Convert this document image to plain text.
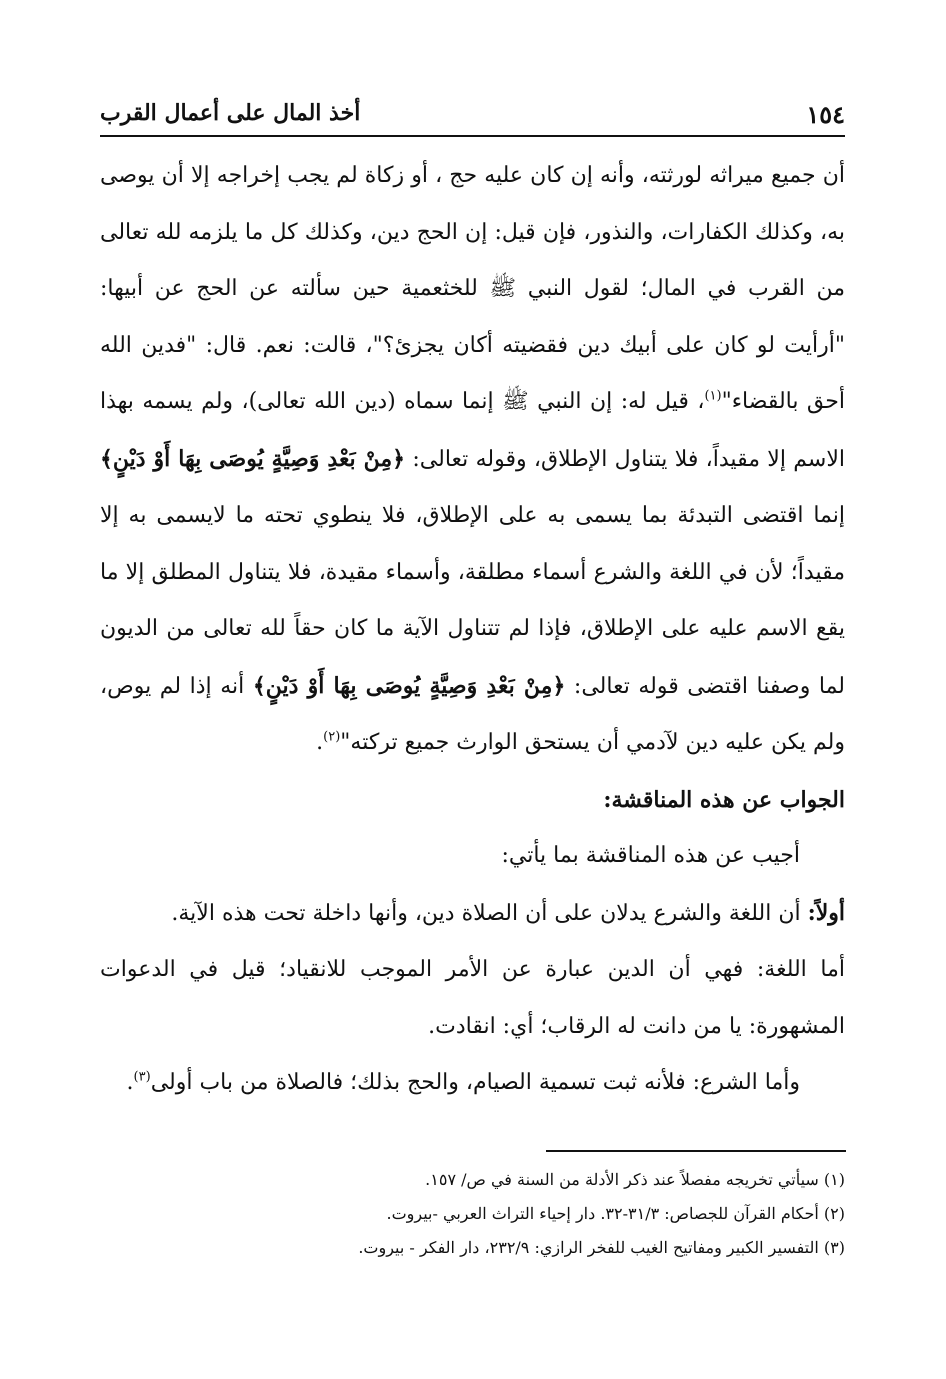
١٥٤
أخذ المال على أعمال القرب

أن جميع ميراثه لورثته، وأنه إن كان عليه حج ، أو زكاة لم يجب إخراجه إلا أن يوصى به، وكذلك الكفارات، والنذور، فإن قيل: إن الحج دين، وكذلك كل ما يلزمه لله تعالى من القرب في المال؛ لقول النبي ﷺ للخثعمية حين سألته عن الحج عن أبيها: "أرأيت لو كان على أبيك دين فقضيته أكان يجزئ؟"، قالت: نعم. قال: "فدين الله أحق بالقضاء"$^{(١)}$، قيل له: إن النبي ﷺ إنما سماه (دين الله تعالى)، ولم يسمه بهذا الاسم إلا مقيداً، فلا يتناول الإطلاق، وقوله تعالى: ﴿مِنْ بَعْدِ وَصِيَّةٍ يُوصَى بِهَا أَوْ دَيْنٍ﴾ إنما اقتضى التبدئة بما يسمى به على الإطلاق، فلا ينطوي تحته ما لايسمى به إلا مقيداً؛ لأن في اللغة والشرع أسماء مطلقة، وأسماء مقيدة، فلا يتناول المطلق إلا ما يقع الاسم عليه على الإطلاق، فإذا لم تتناول الآية ما كان حقاً لله تعالى من الديون لما وصفنا اقتضى قوله تعالى: ﴿مِنْ بَعْدِ وَصِيَّةٍ يُوصَى بِهَا أَوْ دَيْنٍ﴾ أنه إذا لم يوص، ولم يكن عليه دين لآدمي أن يستحق الوارث جميع تركته"$^{(٢)}$.

الجواب عن هذه المناقشة:

أجيب عن هذه المناقشة بما يأتي:

أولاً: أن اللغة والشرع يدلان على أن الصلاة دين، وأنها داخلة تحت هذه الآية.

أما اللغة: فهي أن الدين عبارة عن الأمر الموجب للانقياد؛ قيل في الدعوات المشهورة: يا من دانت له الرقاب؛ أي: انقادت.

وأما الشرع: فلأنه ثبت تسمية الصيام، والحج بذلك؛ فالصلاة من باب أولى$^{(٣)}$.

(١) سيأتي تخريجه مفصلاً عند ذكر الأدلة من السنة في ص/ ١٥٧.
(٢) أحكام القرآن للجصاص: ٣١/٣-٣٢. دار إحياء التراث العربي -بيروت.
(٣) التفسير الكبير ومفاتيح الغيب للفخر الرازي: ٢٣٢/٩، دار الفكر - بيروت.
